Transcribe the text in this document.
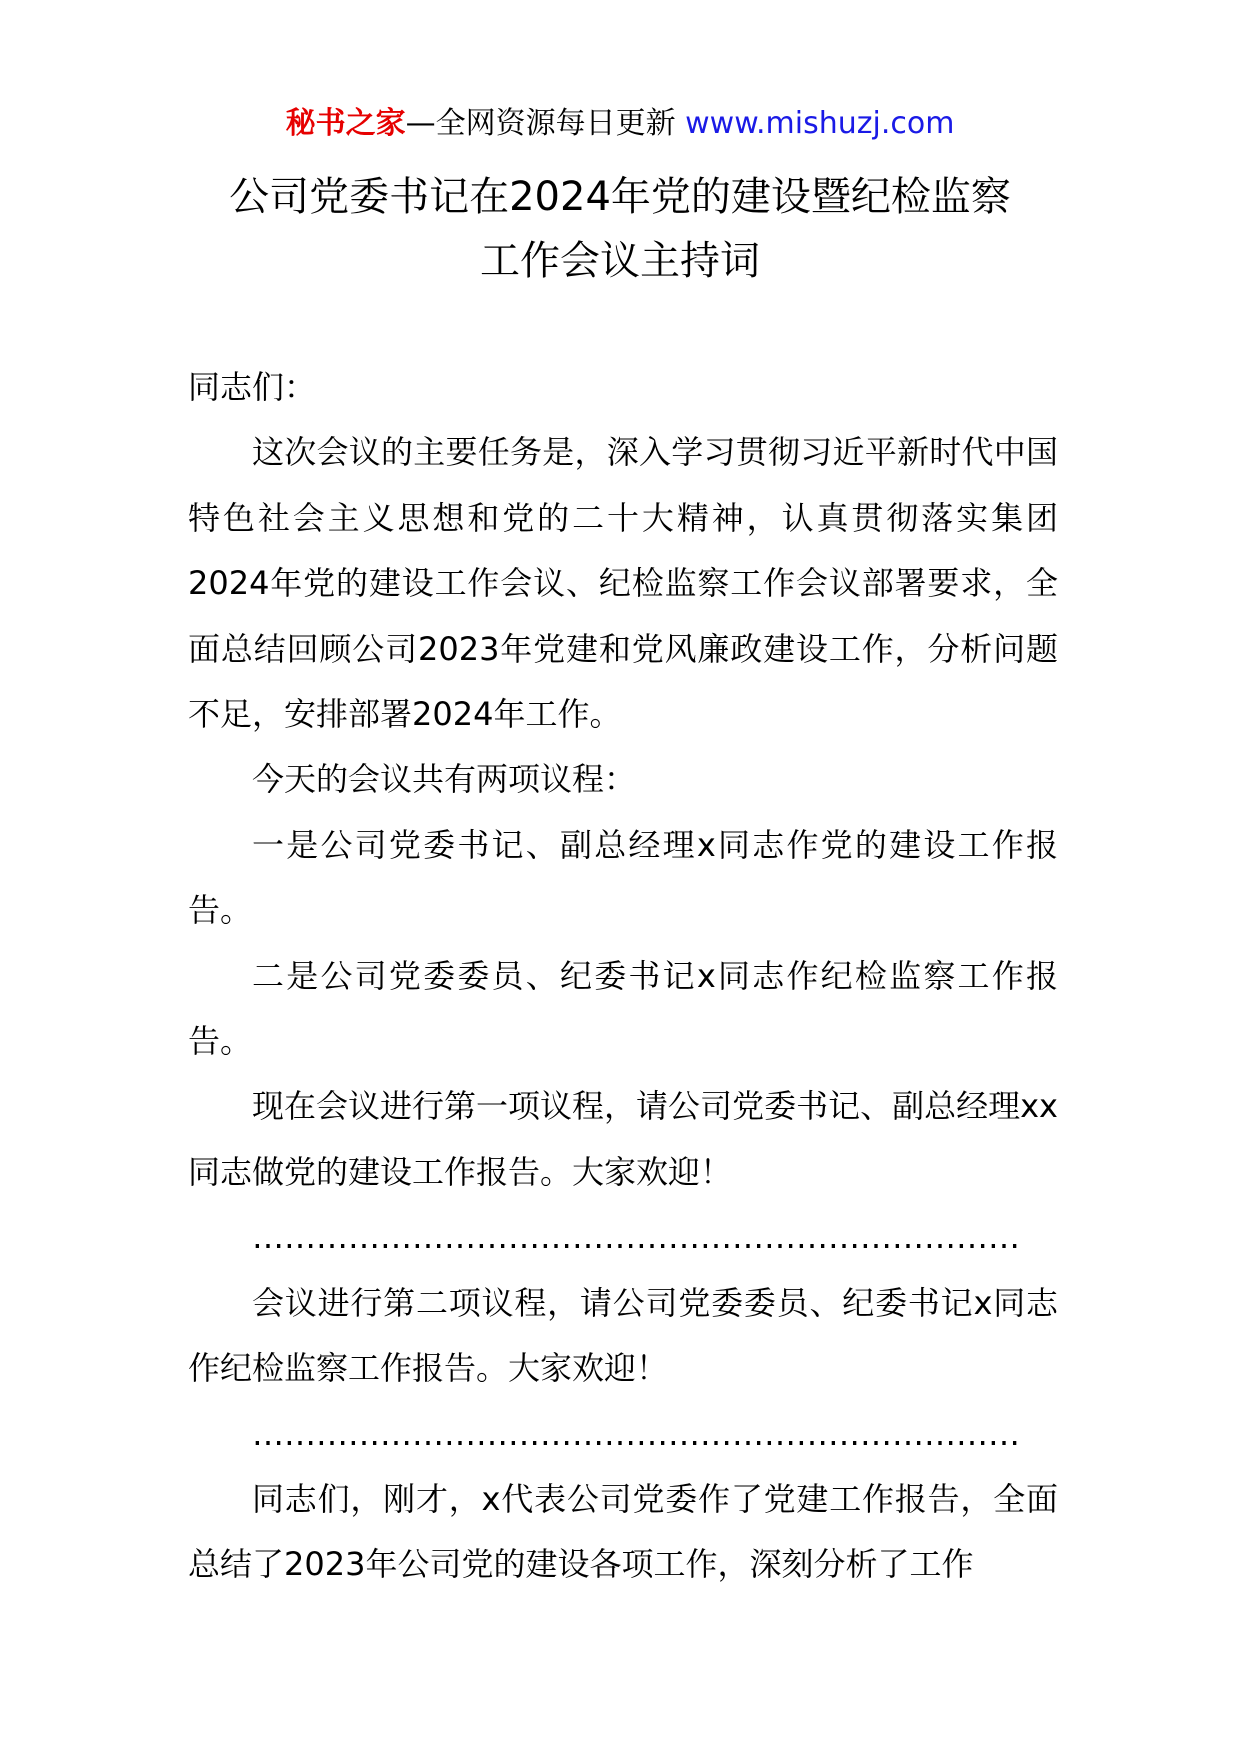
秘书之家—全网资源每日更新 www.mishuzj.com
公司党委书记在2024年党的建设暨纪检监察
工作会议主持词

同志们：

这次会议的主要任务是，深入学习贯彻习近平新时代中国特色社会主义思想和党的二十大精神，认真贯彻落实集团2024年党的建设工作会议、纪检监察工作会议部署要求，全面总结回顾公司2023年党建和党风廉政建设工作，分析问题不足，安排部署2024年工作。

今天的会议共有两项议程：

一是公司党委书记、副总经理x同志作党的建设工作报告。

二是公司党委委员、纪委书记x同志作纪检监察工作报告。

现在会议进行第一项议程，请公司党委书记、副总经理xx同志做党的建设工作报告。大家欢迎！

………………………………………………………………

会议进行第二项议程，请公司党委委员、纪委书记x同志作纪检监察工作报告。大家欢迎！

………………………………………………………………

同志们，刚才，x代表公司党委作了党建工作报告，全面总结了2023年公司党的建设各项工作，深刻分析了工作
